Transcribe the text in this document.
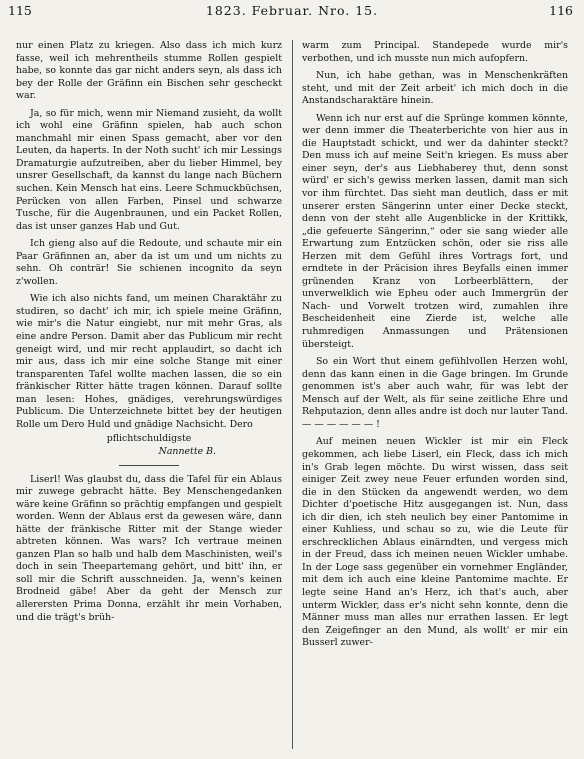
115	1823. Februar. Nro. 15.	116

nur einen Platz zu kriegen. Also dass ich mich kurz fasse, weil ich mehrentheils stumme Rollen gespielt habe, so konnte das gar nicht anders seyn, als dass ich bey der Rolle der Gräfinn ein Bischen sehr gescheckt war.

Ja, so für mich, wenn mir Niemand zusieht, da wollt ich wohl eine Gräfinn spielen, hab auch schon manchmahl mir einen Spass gemacht, aber vor den Leuten, da haperts. In der Noth sucht' ich mir Lessings Dramaturgie aufzutreiben, aber du lieber Himmel, bey unsrer Gesellschaft, da kannst du lange nach Büchern suchen. Kein Mensch hat eins. Leere Schmuckbüchsen, Perücken von allen Farben, Pinsel und schwarze Tusche, für die Augenbraunen, und ein Packet Rollen, das ist unser ganzes Hab und Gut.

Ich gieng also auf die Redoute, und schaute mir ein Paar Gräfinnen an, aber da ist um und um nichts zu sehn. Oh conträr! Sie schienen incognito da seyn z'wollen.

Wie ich also nichts fand, um meinen Charaktähr zu studiren, so dacht' ich mir, ich spiele meine Gräfinn, wie mir's die Natur eingiebt, nur mit mehr Gras, als eine andre Person. Damit aber das Publicum mir recht geneigt wird, und mir recht applaudirt, so dacht ich mir aus, dass ich mir eine solche Stange mit einer transparenten Tafel wollte machen lassen, die so ein fränkischer Ritter hätte tragen können. Darauf sollte man lesen: Hohes, gnädiges, verehrungswürdiges Publicum. Die Unterzeichnete bittet bey der heutigen Rolle um Dero Huld und gnädige Nachsicht. Dero

pflichtschuldigste

Nannette B.

Liserl! Was glaubst du, dass die Tafel für ein Ablaus mir zuwege gebracht hätte. Bey Menschengedanken wäre keine Gräfinn so prächtig empfangen und gespielt worden. Wenn der Ablaus erst da gewesen wäre, dann hätte der fränkische Ritter mit der Stange wieder abtreten können. Was wars? Ich vertraue meinen ganzen Plan so halb und halb dem Maschinisten, weil's doch in sein Theepartemang gehört, und bitt' ihn, er soll mir die Schrift ausschneiden. Ja, wenn's keinen Brodneid gäbe! Aber da geht der Mensch zur allerersten Prima Donna, erzählt ihr mein Vorhaben, und die trägt's brüh-

warm zum Principal. Standepede wurde mir's verbothen, und ich musste nun mich aufopfern.

Nun, ich habe gethan, was in Menschenkräften steht, und mit der Zeit arbeit' ich mich doch in die Anstandscharaktäre hinein.

Wenn ich nur erst auf die Sprünge kommen könnte, wer denn immer die Theaterberichte von hier aus in die Hauptstadt schickt, und wer da dahinter steckt? Den muss ich auf meine Seit'n kriegen. Es muss aber einer seyn, der's aus Liebhaberey thut, denn sonst würd' er sich's gewiss merken lassen, damit man sich vor ihm fürchtet. Das sieht man deutlich, dass er mit unserer ersten Sängerinn unter einer Decke steckt, denn von der steht alle Augenblicke in der Krittikk, „die gefeuerte Sängerinn,“ oder sie sang wieder alle Erwartung zum Entzücken schön, oder sie riss alle Herzen mit dem Gefühl ihres Vortrags fort, und erndtete in der Präcision ihres Beyfalls einen immer grünenden Kranz von Lorbeerblättern, der unverwelklich wie Epheu oder auch Immergrün der Nach- und Vorwelt trotzen wird, zumahlen ihre Bescheidenheit eine Zierde ist, welche alle ruhmredigen Anmassungen und Prätensionen übersteigt.

So ein Wort thut einem gefühlvollen Herzen wohl, denn das kann einen in die Gage bringen. Im Grunde genommen ist's aber auch wahr, für was lebt der Mensch auf der Welt, als für seine zeitliche Ehre und Rehputazion, denn alles andre ist doch nur lauter Tand. — — — — — — !

Auf meinen neuen Wickler ist mir ein Fleck gekommen, ach liebe Liserl, ein Fleck, dass ich mich in's Grab legen möchte. Du wirst wissen, dass seit einiger Zeit zwey neue Feuer erfunden worden sind, die in den Stücken da angewendt werden, wo dem Dichter d'poetische Hitz ausgegangen ist. Nun, dass ich dir dien, ich steh neulich bey einer Pantomime in einer Kuhliess, und schau so zu, wie die Leute für erschrecklichen Ablaus einärndten, und vergess mich in der Freud, dass ich meinen neuen Wickler umhabe. In der Loge sass gegenüber ein vornehmer Engländer, mit dem ich auch eine kleine Pantomime machte. Er legte seine Hand an's Herz, ich that's auch, aber unterm Wickler, dass er's nicht sehn konnte, denn die Männer muss man alles nur errathen lassen. Er legt den Zeigefinger an den Mund, als wollt' er mir ein Busserl zuwer-
